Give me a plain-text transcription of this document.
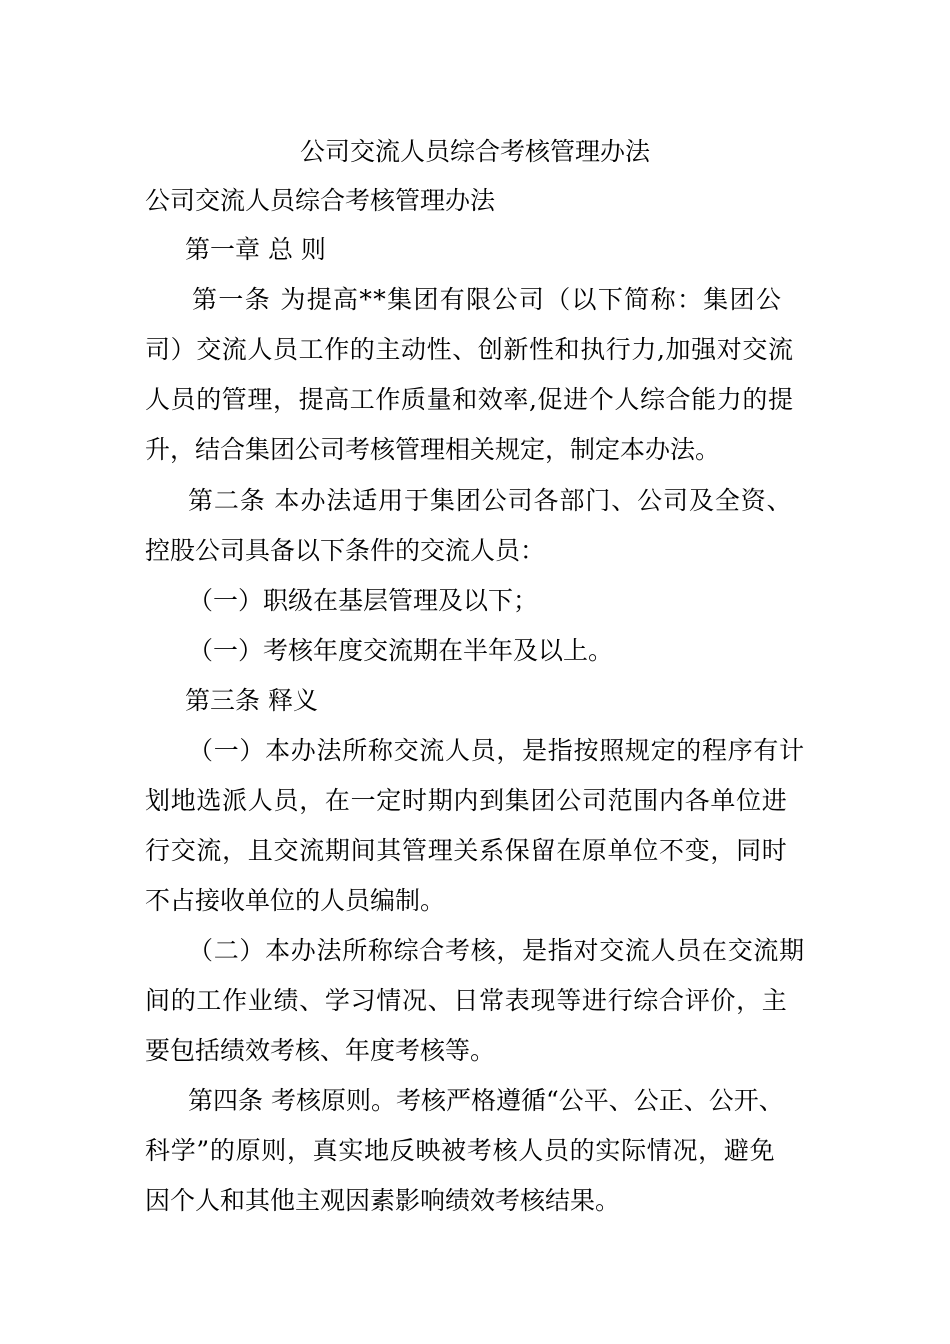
公司交流人员综合考核管理办法
公司交流人员综合考核管理办法
第一章 总 则
第一条 为提高**集团有限公司（以下简称：集团公
司）交流人员工作的主动性、创新性和执行力,加强对交流
人员的管理，提高工作质量和效率,促进个人综合能力的提
升，结合集团公司考核管理相关规定，制定本办法。
第二条 本办法适用于集团公司各部门、公司及全资、
控股公司具备以下条件的交流人员：
（一）职级在基层管理及以下；
（一）考核年度交流期在半年及以上。
第三条 释义
（一）本办法所称交流人员，是指按照规定的程序有计
划地选派人员，在一定时期内到集团公司范围内各单位进
行交流，且交流期间其管理关系保留在原单位不变，同时
不占接收单位的人员编制。
（二）本办法所称综合考核，是指对交流人员在交流期
间的工作业绩、学习情况、日常表现等进行综合评价，主
要包括绩效考核、年度考核等。
第四条 考核原则。考核严格遵循“公平、公正、公开、
科学”的原则，真实地反映被考核人员的实际情况，避免
因个人和其他主观因素影响绩效考核结果。
